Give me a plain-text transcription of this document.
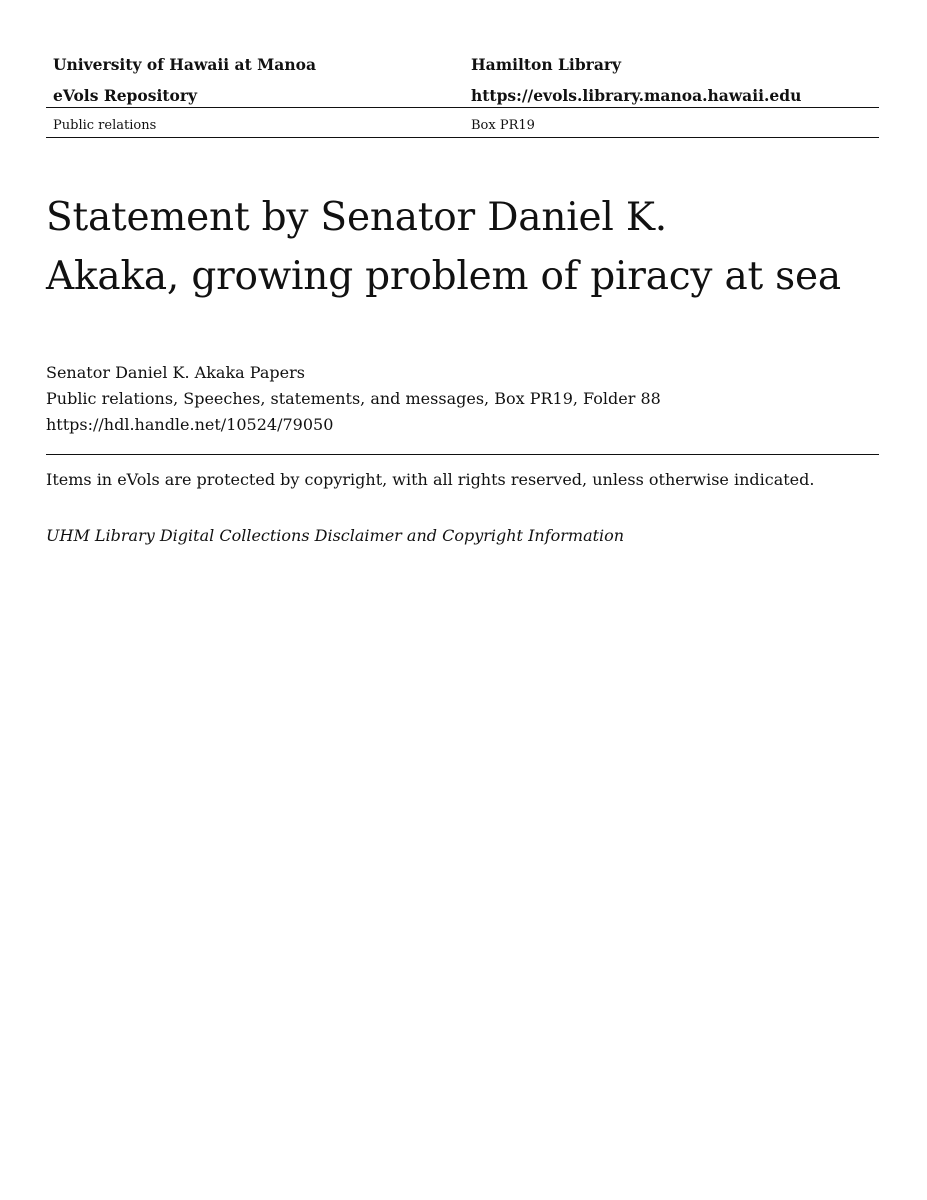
University of Hawaii at Manoa	Hamilton Library
eVols Repository	https://evols.library.manoa.hawaii.edu
Public relations	Box PR19
Statement by Senator Daniel K.
Akaka, growing problem of piracy at sea
Senator Daniel K. Akaka Papers
Public relations, Speeches, statements, and messages, Box PR19, Folder 88
https://hdl.handle.net/10524/79050
Items in eVols are protected by copyright, with all rights reserved, unless otherwise indicated.
UHM Library Digital Collections Disclaimer and Copyright Information
